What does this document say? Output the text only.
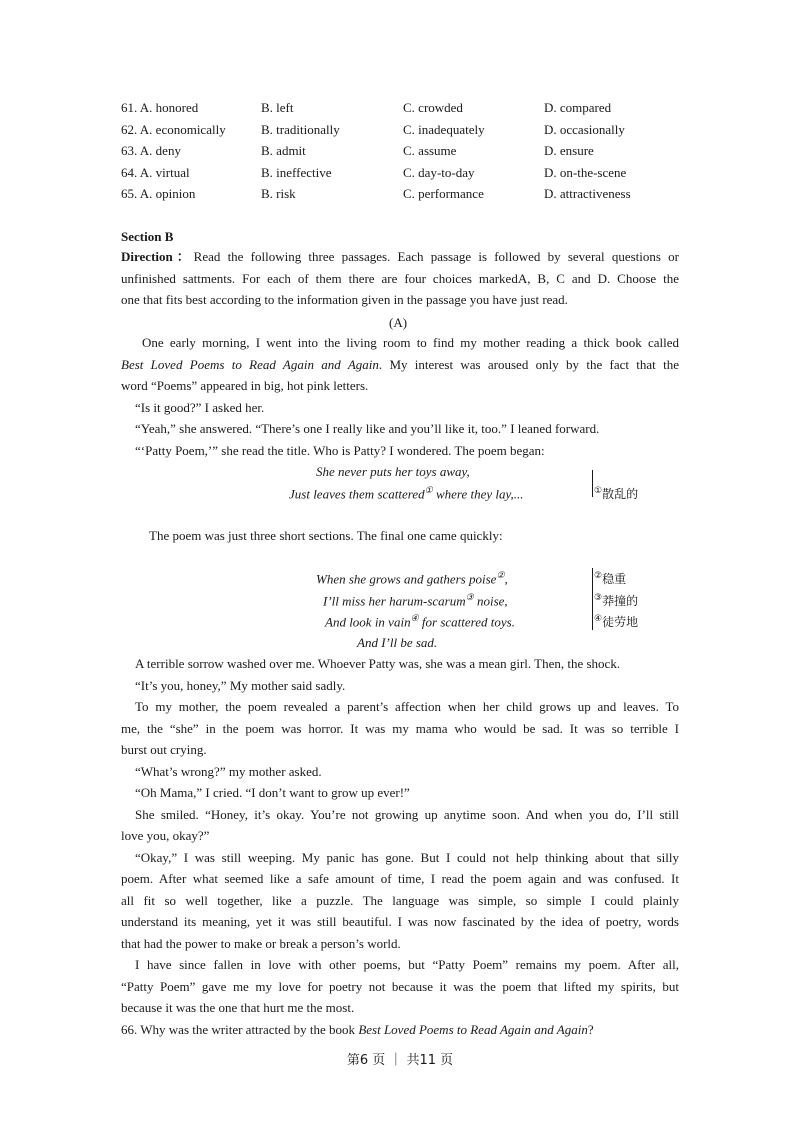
61. A. honored	B. left	C. crowded	D. compared
62. A. economically	B. traditionally	C. inadequately	D. occasionally
63. A. deny	B. admit	C. assume	D. ensure
64. A. virtual	B. ineffective	C. day-to-day	D. on-the-scene
65. A. opinion	B. risk	C. performance	D. attractiveness
Section B
Direction：Read the following three passages. Each passage is followed by several questions or
unfinished sattments. For each of them there are four choices markedA, B, C and D. Choose the
one that fits best according to the information given in the passage you have just read.
(A)
One early morning, I went into the living room to find my mother reading a thick book called
Best Loved Poems to Read Again and Again. My interest was aroused only by the fact that the
word “Poems” appeared in big, hot pink letters.
“Is it good?” I asked her.
“Yeah,” she answered. “There’s one I really like and you’ll like it, too.” I leaned forward.
“‘Patty Poem,’” she read the title. Who is Patty? I wondered. The poem began:
She never puts her toys away,
Just leaves them scattered① where they lay,...	①散乱的
The poem was just three short sections. The final one came quickly:
When she grows and gathers poise②,
I’ll miss her harum-scarum③ noise,
And look in vain④ for scattered toys.
And I’ll be sad.
②稳重
③莽撞的
④徒劳地
A terrible sorrow washed over me. Whoever Patty was, she was a mean girl. Then, the shock.
“It’s you, honey,” My mother said sadly.
To my mother, the poem revealed a parent’s affection when her child grows up and leaves. To
me, the “she” in the poem was horror. It was my mama who would be sad. It was so terrible I
burst out crying.
“What’s wrong?” my mother asked.
“Oh Mama,” I cried. “I don’t want to grow up ever!”
She smiled. “Honey, it’s okay. You’re not growing up anytime soon. And when you do, I’ll still
love you, okay?”
“Okay,” I was still weeping. My panic has gone. But I could not help thinking about that silly
poem. After what seemed like a safe amount of time, I read the poem again and was confused. It
all fit so well together, like a puzzle. The language was simple, so simple I could plainly
understand its meaning, yet it was still beautiful. I was now fascinated by the idea of poetry, words
that had the power to make or break a person’s world.
I have since fallen in love with other poems, but “Patty Poem” remains my poem. After all,
“Patty Poem” gave me my love for poetry not because it was the poem that lifted my spirits, but
because it was the one that hurt me the most.
66. Why was the writer attracted by the book Best Loved Poems to Read Again and Again?
第6 页 ｜ 共11 页
